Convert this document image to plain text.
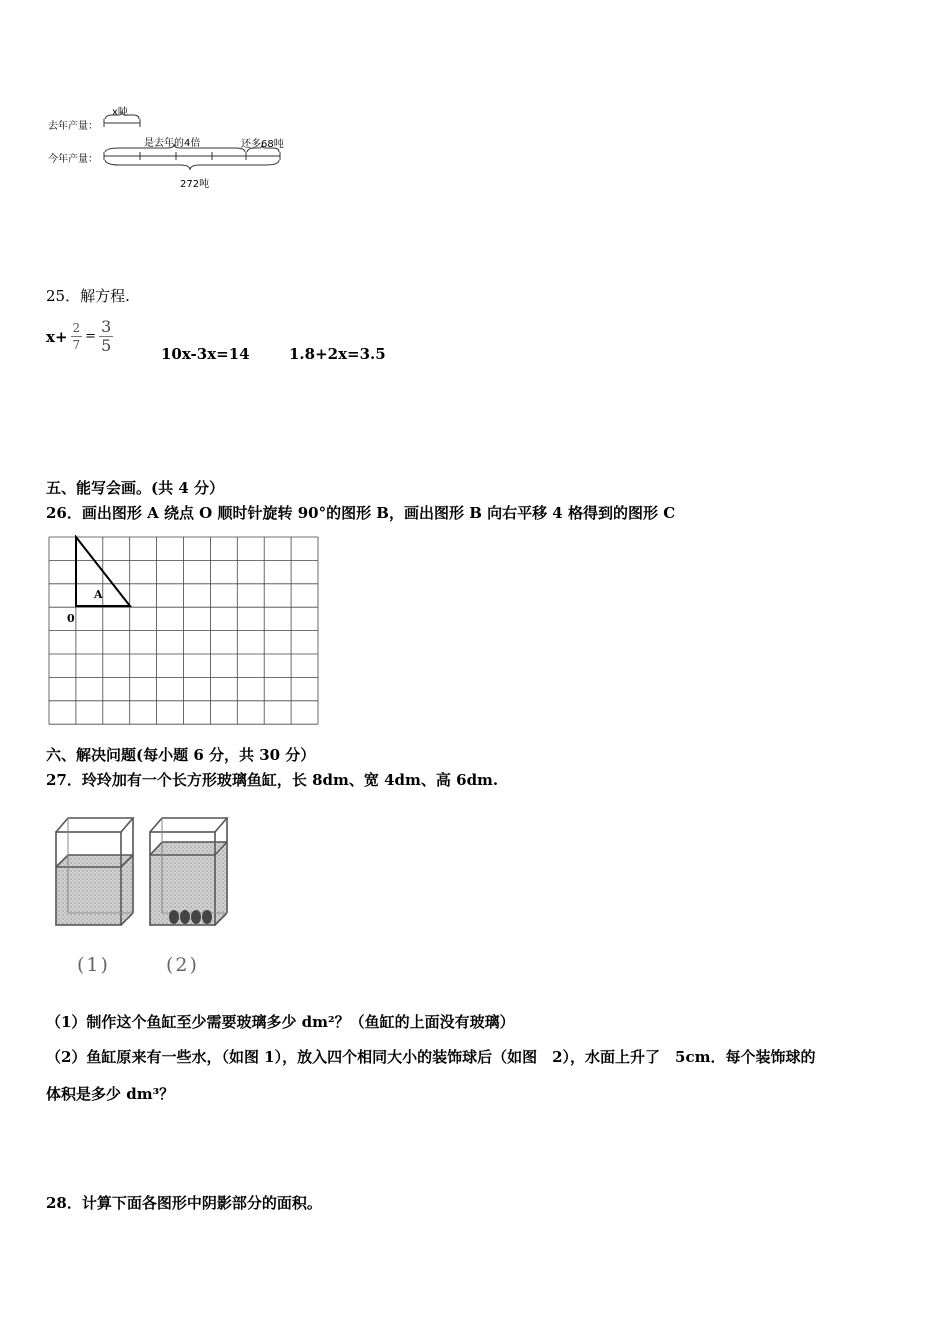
去年产量：
x吨
今年产量：
是去年的4倍	还多68吨
272吨
25．解方程.
$x+ \frac{2}{7} = \frac{3}{5}$	10x-3x=14	1.8+2x=3.5
五、能写会画。(共 4 分）
26．画出图形 A 绕点 O 顺时针旋转 90°的图形 B，画出图形 B 向右平移 4 格得到的图形 C
A
0
六、解决问题(每小题 6 分，共 30 分）
27．玲玲加有一个长方形玻璃鱼缸，长 8dm、宽 4dm、高 6dm.
(1)	(2)
（1）制作这个鱼缸至少需要玻璃多少 dm²？（鱼缸的上面没有玻璃）
（2）鱼缸原来有一些水，（如图 1），放入四个相同大小的装饰球后（如图　2），水面上升了　5cm．每个装饰球的
体积是多少 dm³？
28．计算下面各图形中阴影部分的面积。
